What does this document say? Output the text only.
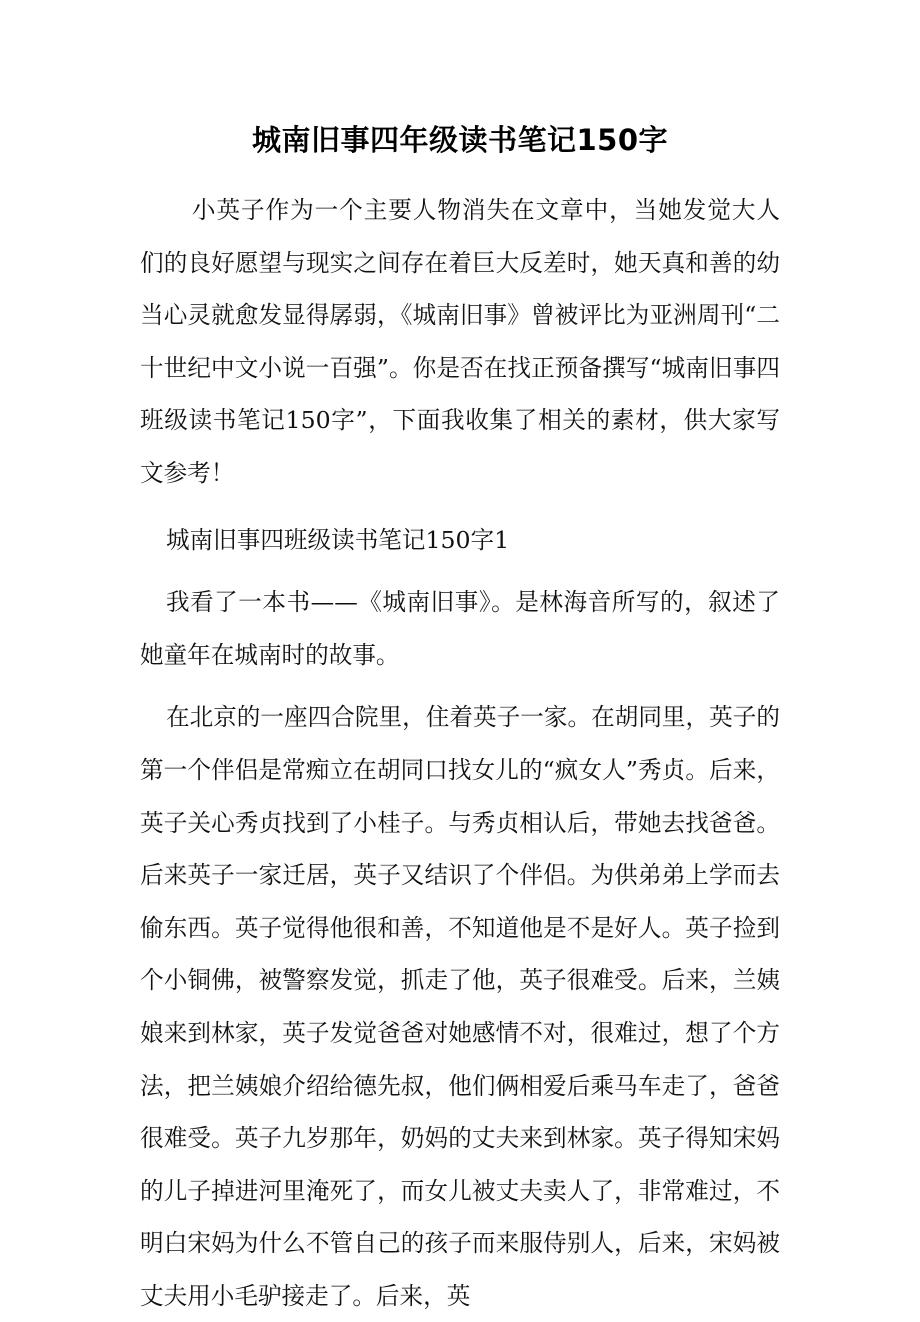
城南旧事四年级读书笔记150字

小英子作为一个主要人物消失在文章中，当她发觉大人们的良好愿望与现实之间存在着巨大反差时，她天真和善的幼当心灵就愈发显得孱弱，《城南旧事》曾被评比为亚洲周刊“二十世纪中文小说一百强”。你是否在找正预备撰写“城南旧事四班级读书笔记150字”，下面我收集了相关的素材，供大家写文参考！

城南旧事四班级读书笔记150字1

我看了一本书——《城南旧事》。是林海音所写的，叙述了她童年在城南时的故事。

在北京的一座四合院里，住着英子一家。在胡同里，英子的第一个伴侣是常痴立在胡同口找女儿的“疯女人”秀贞。后来，英子关心秀贞找到了小桂子。与秀贞相认后，带她去找爸爸。后来英子一家迁居，英子又结识了个伴侣。为供弟弟上学而去偷东西。英子觉得他很和善，不知道他是不是好人。英子捡到个小铜佛，被警察发觉，抓走了他，英子很难受。后来，兰姨娘来到林家，英子发觉爸爸对她感情不对，很难过，想了个方法，把兰姨娘介绍给德先叔，他们俩相爱后乘马车走了，爸爸很难受。英子九岁那年，奶妈的丈夫来到林家。英子得知宋妈的儿子掉进河里淹死了，而女儿被丈夫卖人了，非常难过，不明白宋妈为什么不管自己的孩子而来服侍别人，后来，宋妈被丈夫用小毛驴接走了。后来，英
